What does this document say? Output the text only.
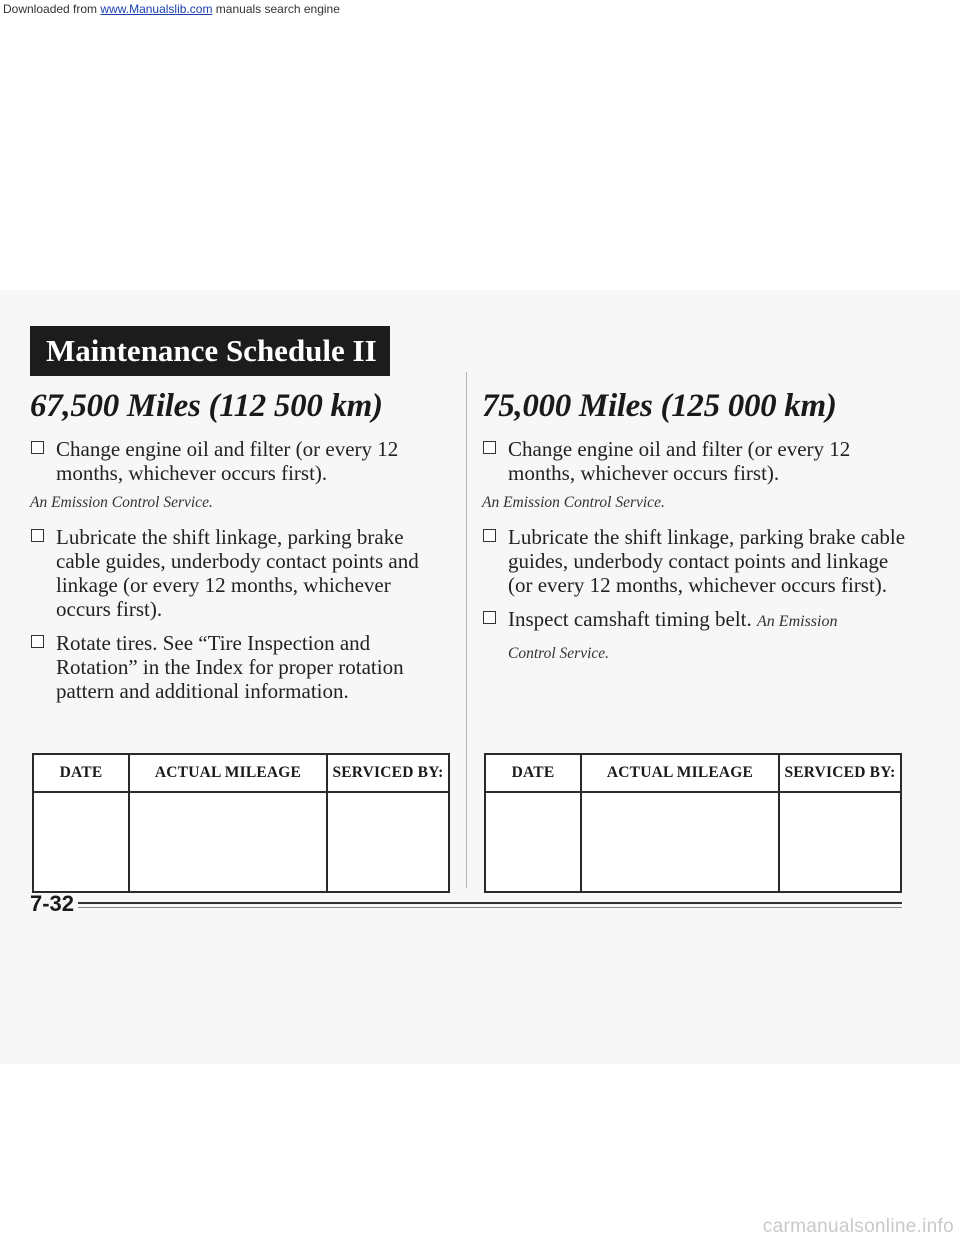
Downloaded from www.Manualslib.com manuals search engine
Maintenance Schedule II
67,500 Miles (112 500 km)
Change engine oil and filter (or every 12 months, whichever occurs first).
An Emission Control Service.
Lubricate the shift linkage, parking brake cable guides, underbody contact points and linkage (or every 12 months, whichever occurs first).
Rotate tires. See “Tire Inspection and Rotation” in the Index for proper rotation pattern and additional information.
75,000 Miles (125 000 km)
Change engine oil and filter (or every 12 months, whichever occurs first).
An Emission Control Service.
Lubricate the shift linkage, parking brake cable guides, underbody contact points and linkage (or every 12 months, whichever occurs first).
Inspect camshaft timing belt. An Emission
Control Service.
DATE	ACTUAL MILEAGE	SERVICED BY:
			DATE	ACTUAL MILEAGE	SERVICED BY:

7-32
carmanualsonline.info
